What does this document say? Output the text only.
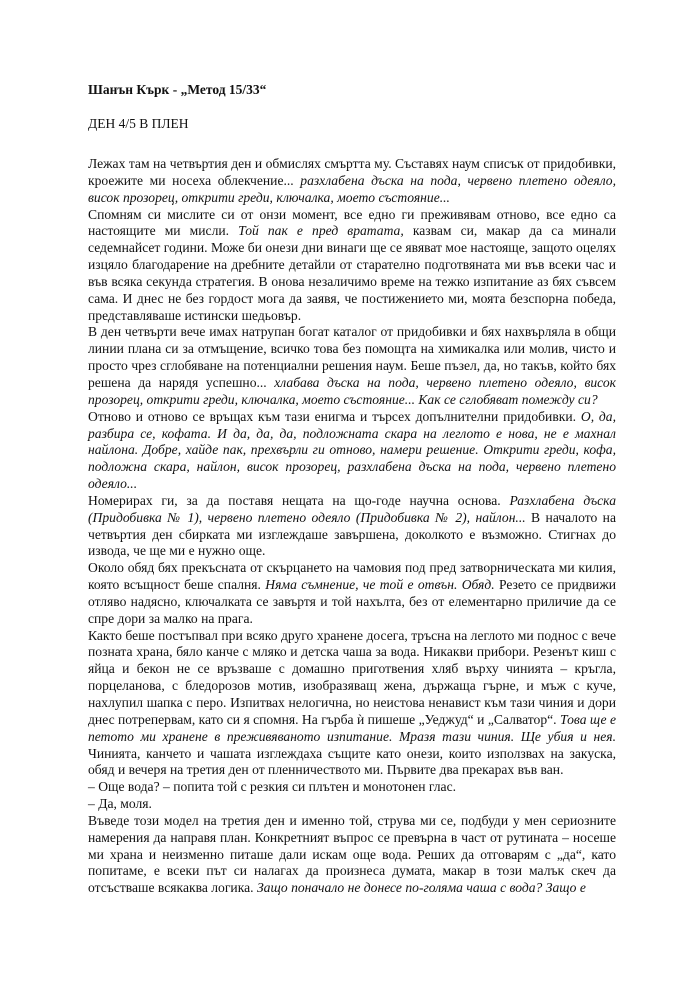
Шанън Кърк - „Метод 15/33“
ДЕН 4/5 В ПЛЕН

Лежах там на четвъртия ден и обмислях смъртта му. Съставях наум списък от придобивки, кроежите ми носеха облекчение... разхлабена дъска на пода, червено плетено одеяло, висок прозорец, открити греди, ключалка, моето състояние...

Спомням си мислите си от онзи момент, все едно ги преживявам отново, все едно са настоящите ми мисли. Той пак е пред вратата, казвам си, макар да са минали седемнайсет години. Може би онези дни винаги ще се явяват мое настояще, защото оцелях изцяло благодарение на дребните детайли от старателно подготвяната ми във всеки час и във всяка секунда стратегия. В онова незаличимо време на тежко изпитание аз бях съвсем сама. И днес не без гордост мога да заявя, че постижението ми, моята безспорна победа, представляваше истински шедьовър.

В ден четвърти вече имах натрупан богат каталог от придобивки и бях нахвърляла в общи линии плана си за отмъщение, всичко това без помощта на химикалка или молив, чисто и просто чрез сглобяване на потенциални решения наум. Беше пъзел, да, но такъв, който бях решена да нарядя успешно... хлабава дъска на пода, червено плетено одеяло, висок прозорец, открити греди, ключалка, моето състояние... Как се сглобяват помежду си?

Отново и отново се връщах към тази енигма и търсех допълнителни придобивки. О, да, разбира се, кофата. И да, да, да, подложната скара на леглото е нова, не е махнал найлона. Добре, хайде пак, прехвърли ги отново, намери решение. Открити греди, кофа, подложна скара, найлон, висок прозорец, разхлабена дъска на пода, червено плетено одеяло...

Номерирах ги, за да поставя нещата на що-годе научна основа. Разхлабена дъска (Придобивка № 1), червено плетено одеяло (Придобивка № 2), найлон... В началото на четвъртия ден сбирката ми изглеждаше завършена, доколкото е възможно. Стигнах до извода, че ще ми е нужно още.

Около обяд бях прекъсната от скърцането на чамовия под пред затворническата ми килия, която всъщност беше спалня. Няма съмнение, че той е отвън. Обяд. Резето се придвижи отляво надясно, ключалката се завъртя и той нахълта, без от елементарно приличие да се спре дори за малко на прага.

Както беше постъпвал при всяко друго хранене досега, тръсна на леглото ми поднос с вече позната храна, бяло канче с мляко и детска чаша за вода. Никакви прибори. Резенът киш с яйца и бекон не се връзваше с домашно приготвения хляб върху чинията – кръгла, порцеланова, с бледорозов мотив, изобразяващ жена, държаща гърне, и мъж с куче, нахлупил шапка с перо. Изпитвах нелогична, но неистова ненавист към тази чиния и дори днес потрепервам, като си я спомня. На гърба ѝ пишеше „Уеджуд“ и „Салватор“. Това ще е петото ми хранене в преживяваното изпитание. Мразя тази чиния. Ще убия и нея. Чинията, канчето и чашата изглеждаха същите като онези, които използвах на закуска, обяд и вечеря на третия ден от пленничеството ми. Първите два прекарах във ван.

– Още вода? – попита той с резкия си плътен и монотонен глас.

– Да, моля.

Въведе този модел на третия ден и именно той, струва ми се, подбуди у мен сериозните намерения да направя план. Конкретният въпрос се превърна в част от рутината – носеше ми храна и неизменно питаше дали искам още вода. Реших да отговарям с „да“, като попитаме, е всеки път си налагах да произнеса думата, макар в този малък скеч да отсъстваше всякаква логика. Защо поначало не донесе по-голяма чаша с вода? Защо е
